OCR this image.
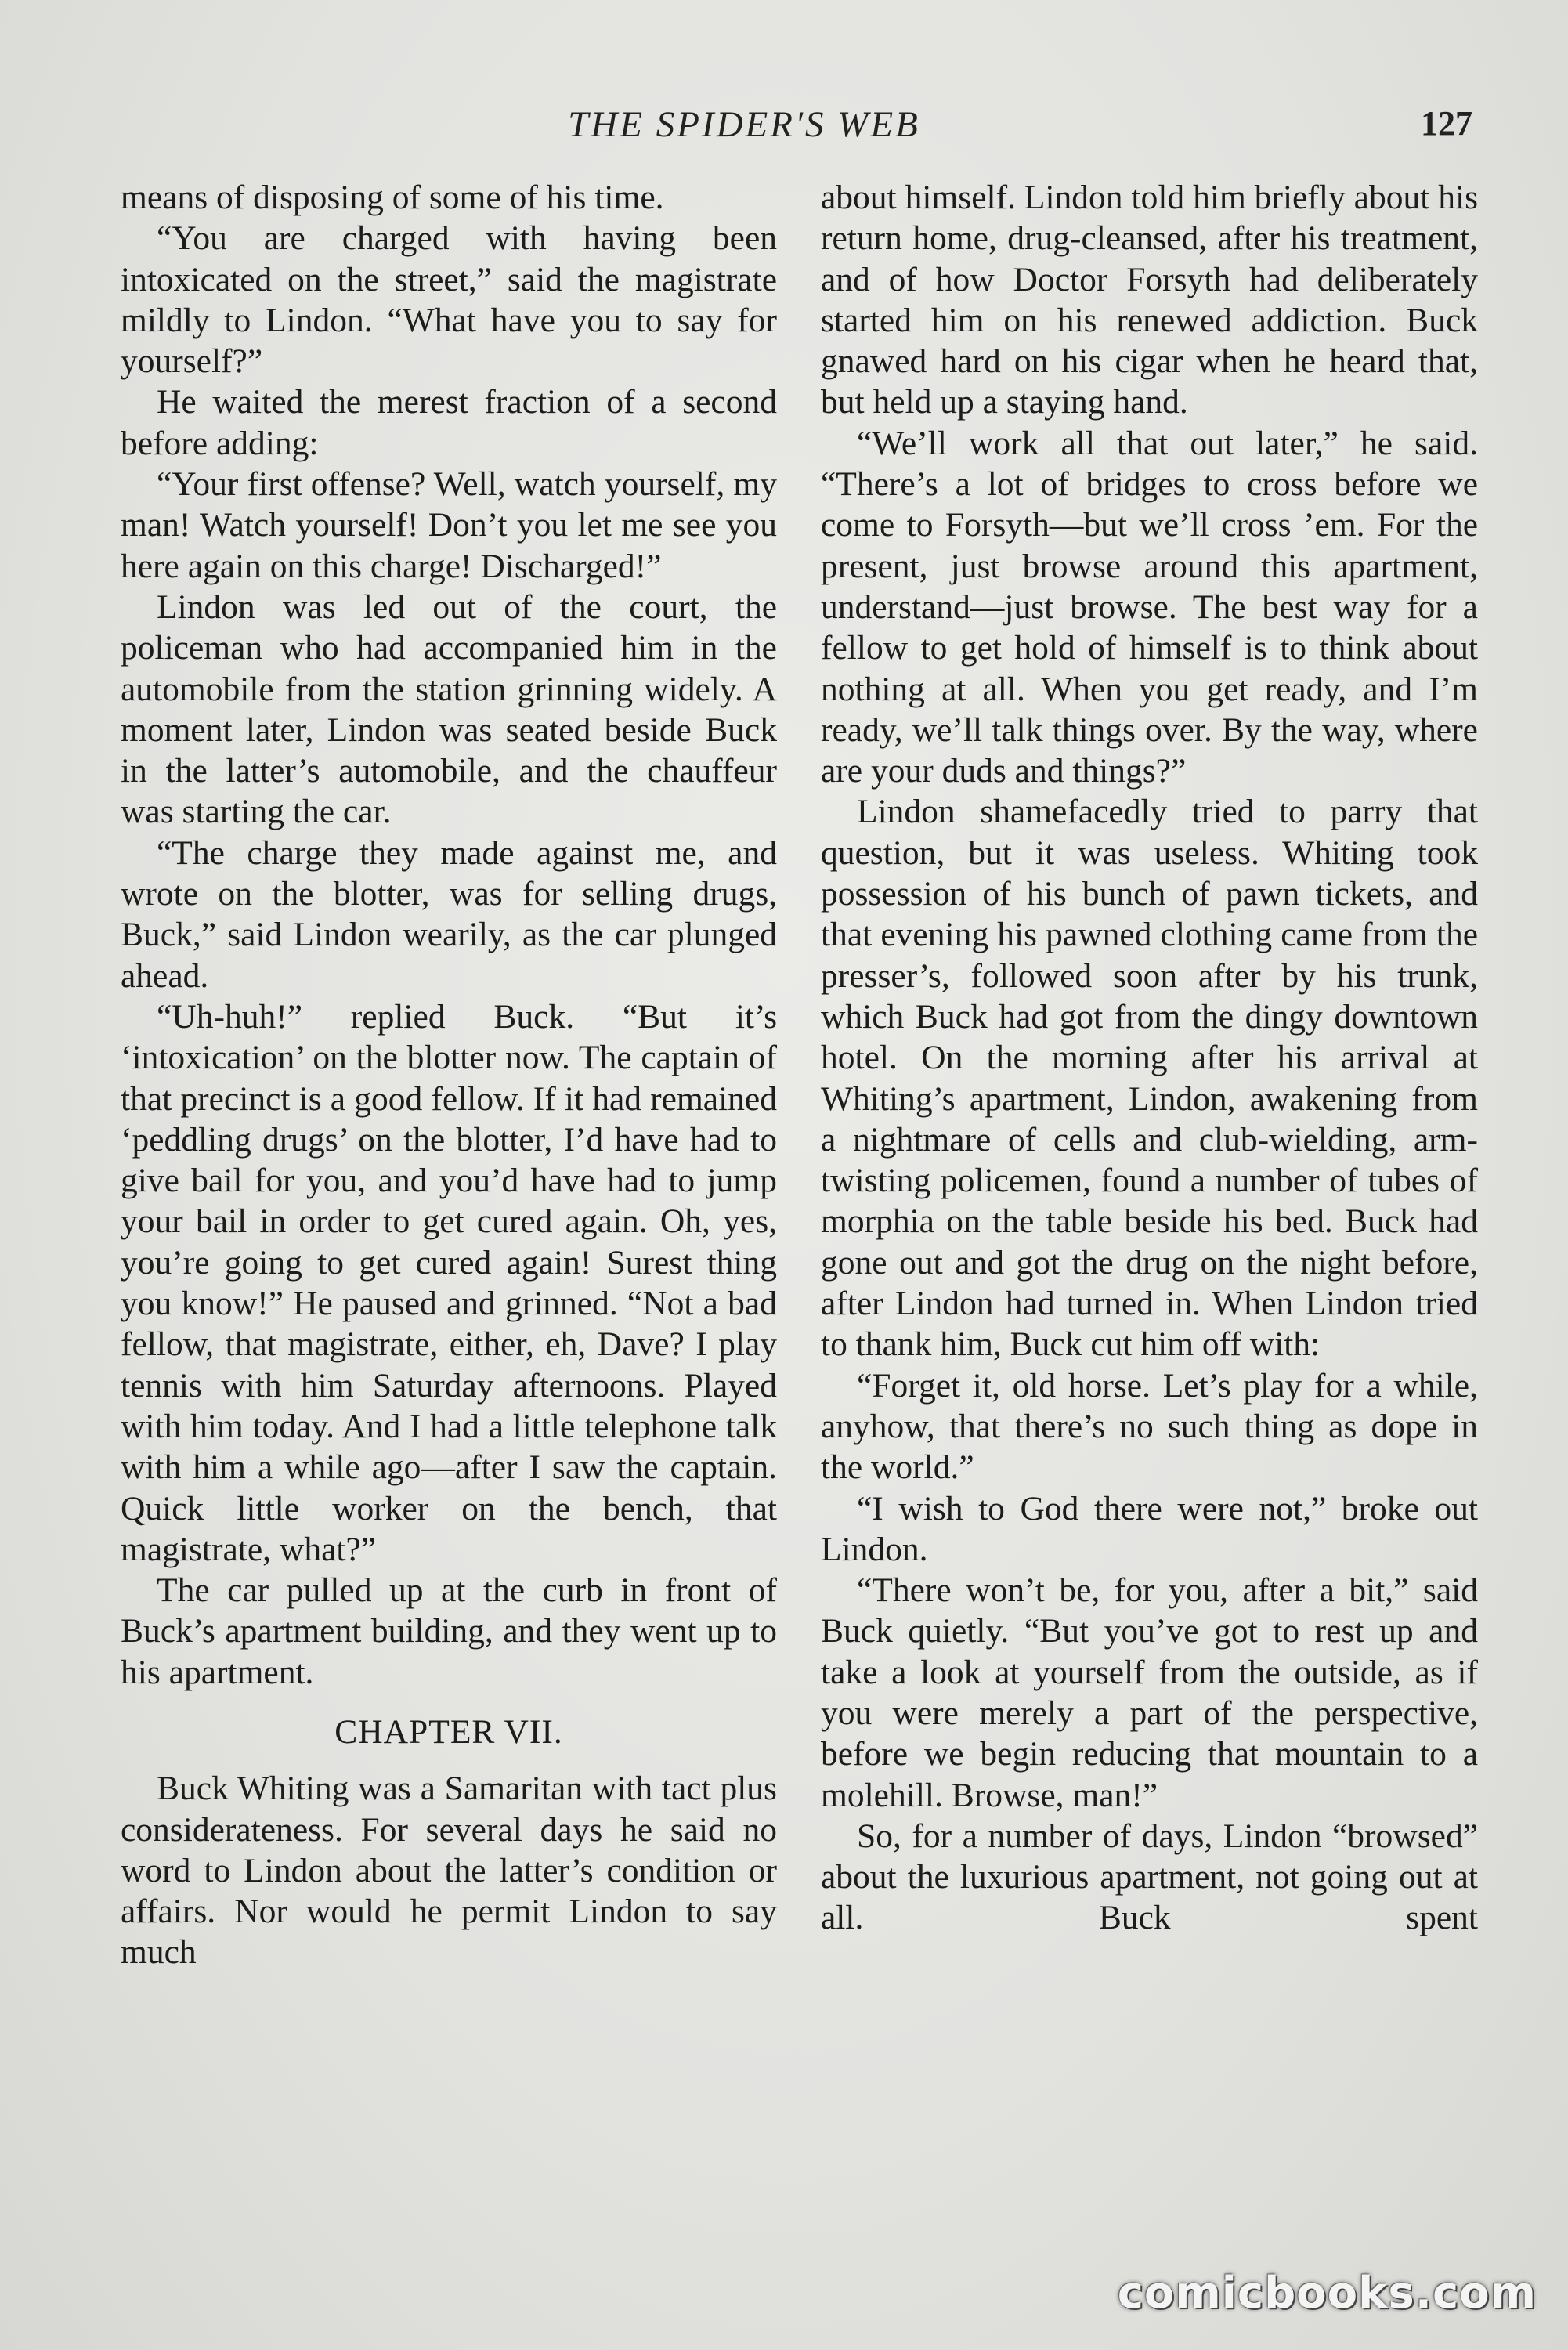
THE SPIDER'S WEB	127

means of disposing of some of his time.

“You are charged with having been intoxicated on the street,” said the magistrate mildly to Lindon. “What have you to say for yourself?”

He waited the merest fraction of a second before adding:

“Your first offense? Well, watch yourself, my man! Watch yourself! Don’t you let me see you here again on this charge! Discharged!”

Lindon was led out of the court, the policeman who had accompanied him in the automobile from the station grinning widely. A moment later, Lindon was seated beside Buck in the latter’s automobile, and the chauffeur was starting the car.

“The charge they made against me, and wrote on the blotter, was for selling drugs, Buck,” said Lindon wearily, as the car plunged ahead.

“Uh-huh!” replied Buck. “But it’s ‘intoxication’ on the blotter now. The captain of that precinct is a good fellow. If it had remained ‘peddling drugs’ on the blotter, I’d have had to give bail for you, and you’d have had to jump your bail in order to get cured again. Oh, yes, you’re going to get cured again! Surest thing you know!” He paused and grinned. “Not a bad fellow, that magistrate, either, eh, Dave? I play tennis with him Saturday afternoons. Played with him today. And I had a little telephone talk with him a while ago—after I saw the captain. Quick little worker on the bench, that magistrate, what?”

The car pulled up at the curb in front of Buck’s apartment building, and they went up to his apartment.

CHAPTER VII.

Buck Whiting was a Samaritan with tact plus considerateness. For several days he said no word to Lindon about the latter’s condition or affairs. Nor would he permit Lindon to say much

about himself. Lindon told him briefly about his return home, drug-cleansed, after his treatment, and of how Doctor Forsyth had deliberately started him on his renewed addiction. Buck gnawed hard on his cigar when he heard that, but held up a staying hand.

“We’ll work all that out later,” he said. “There’s a lot of bridges to cross before we come to Forsyth—but we’ll cross ’em. For the present, just browse around this apartment, understand—just browse. The best way for a fellow to get hold of himself is to think about nothing at all. When you get ready, and I’m ready, we’ll talk things over. By the way, where are your duds and things?”

Lindon shamefacedly tried to parry that question, but it was useless. Whiting took possession of his bunch of pawn tickets, and that evening his pawned clothing came from the presser’s, followed soon after by his trunk, which Buck had got from the dingy downtown hotel. On the morning after his arrival at Whiting’s apartment, Lindon, awakening from a nightmare of cells and club-wielding, arm-twisting policemen, found a number of tubes of morphia on the table beside his bed. Buck had gone out and got the drug on the night before, after Lindon had turned in. When Lindon tried to thank him, Buck cut him off with:

“Forget it, old horse. Let’s play for a while, anyhow, that there’s no such thing as dope in the world.”

“I wish to God there were not,” broke out Lindon.

“There won’t be, for you, after a bit,” said Buck quietly. “But you’ve got to rest up and take a look at yourself from the outside, as if you were merely a part of the perspective, before we begin reducing that mountain to a molehill. Browse, man!”

So, for a number of days, Lindon “browsed” about the luxurious apartment, not going out at all. Buck spent

comicbooks.com
